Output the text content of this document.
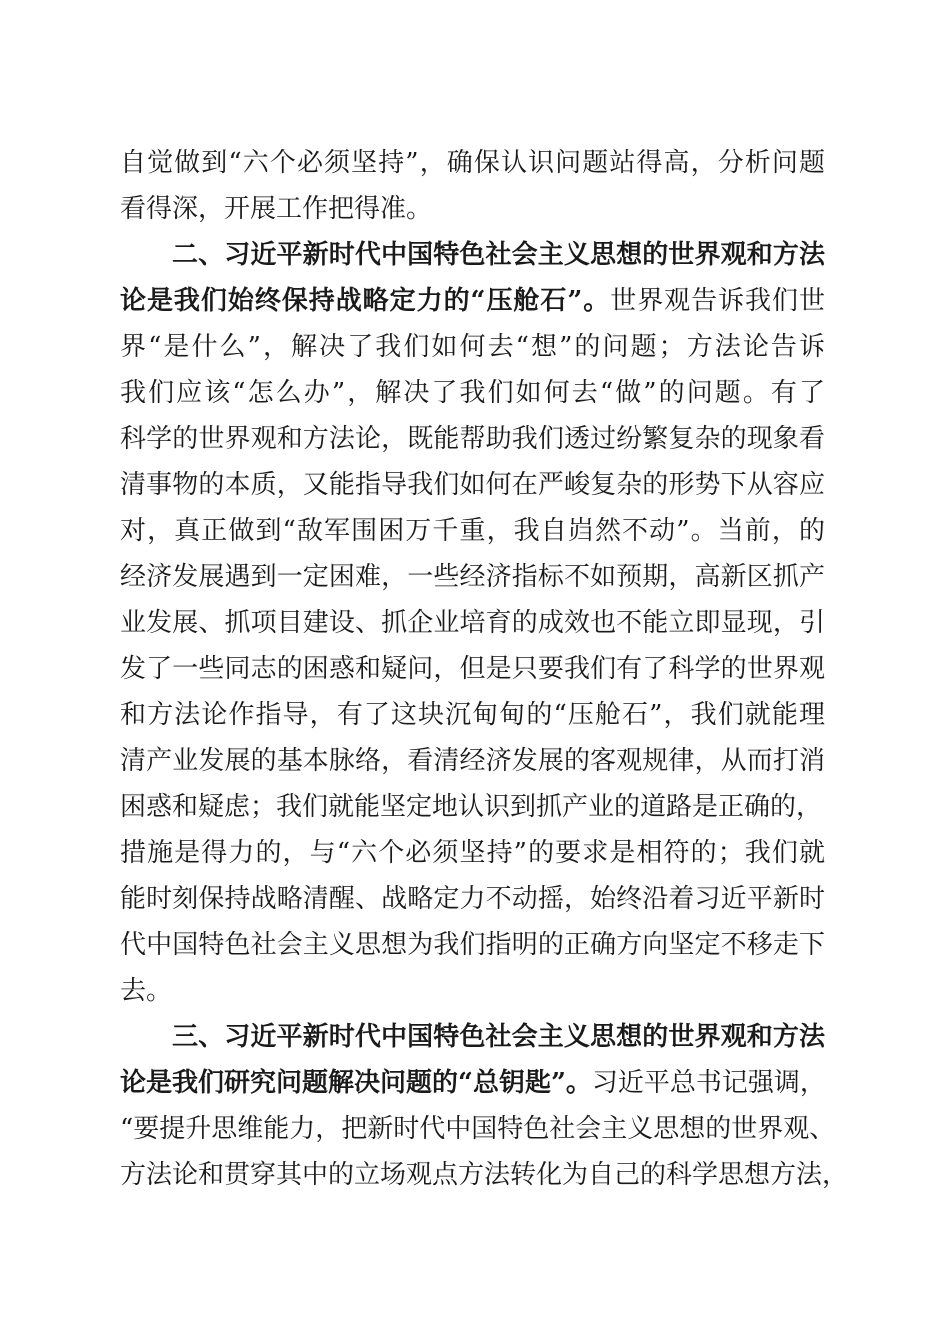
自觉做到“六个必须坚持”，确保认识问题站得高，分析问题
看得深，开展工作把得准。
二、习近平新时代中国特色社会主义思想的世界观和方法
论是我们始终保持战略定力的“压舱石”。世界观告诉我们世
界“是什么”，解决了我们如何去“想”的问题；方法论告诉
我们应该“怎么办”，解决了我们如何去“做”的问题。有了
科学的世界观和方法论，既能帮助我们透过纷繁复杂的现象看
清事物的本质，又能指导我们如何在严峻复杂的形势下从容应
对，真正做到“敌军围困万千重，我自岿然不动”。当前，的
经济发展遇到一定困难，一些经济指标不如预期，高新区抓产
业发展、抓项目建设、抓企业培育的成效也不能立即显现，引
发了一些同志的困惑和疑问，但是只要我们有了科学的世界观
和方法论作指导，有了这块沉甸甸的“压舱石”，我们就能理
清产业发展的基本脉络，看清经济发展的客观规律，从而打消
困惑和疑虑；我们就能坚定地认识到抓产业的道路是正确的，
措施是得力的，与“六个必须坚持”的要求是相符的；我们就
能时刻保持战略清醒、战略定力不动摇，始终沿着习近平新时
代中国特色社会主义思想为我们指明的正确方向坚定不移走下
去。
三、习近平新时代中国特色社会主义思想的世界观和方法
论是我们研究问题解决问题的“总钥匙”。习近平总书记强调，
“要提升思维能力，把新时代中国特色社会主义思想的世界观、
方法论和贯穿其中的立场观点方法转化为自己的科学思想方法，
